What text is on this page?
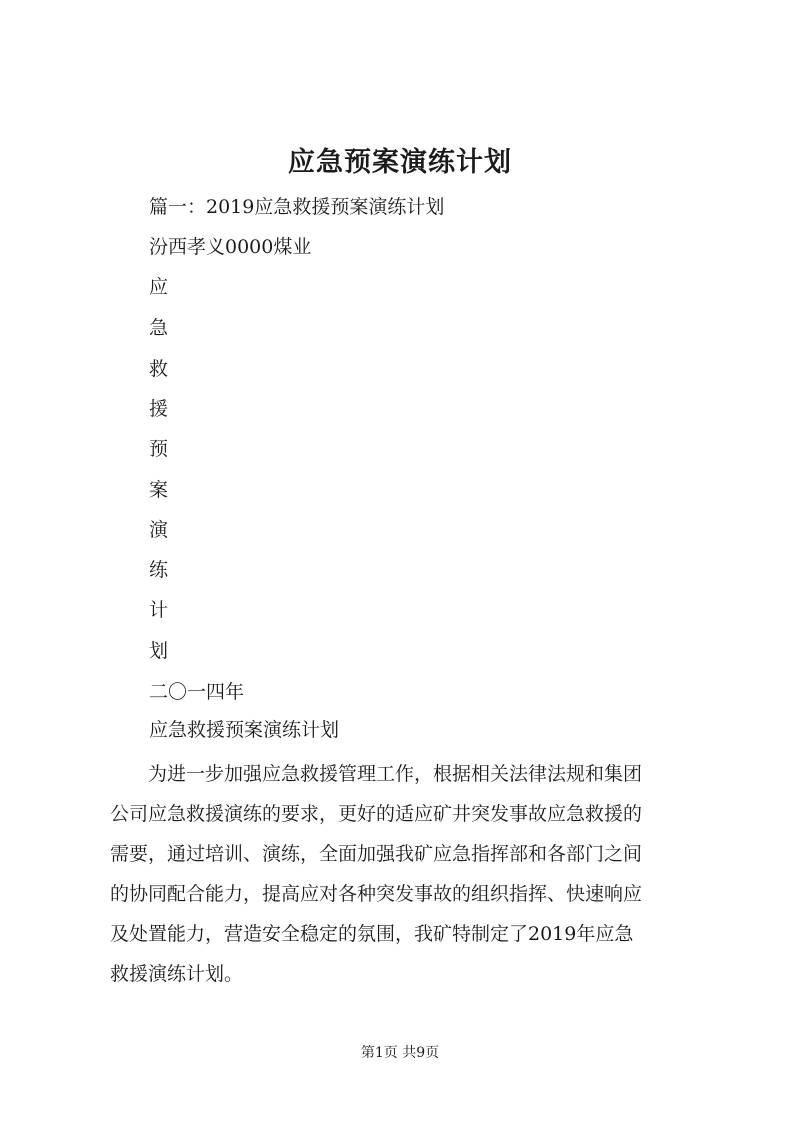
应急预案演练计划
篇一：2019应急救援预案演练计划
汾西孝义0000煤业
应
急
救
援
预
案
演
练
计
划
二〇一四年
应急救援预案演练计划
　　为进一步加强应急救援管理工作，根据相关法律法规和集团
公司应急救援演练的要求，更好的适应矿井突发事故应急救援的
需要，通过培训、演练，全面加强我矿应急指挥部和各部门之间
的协同配合能力，提高应对各种突发事故的组织指挥、快速响应
及处置能力，营造安全稳定的氛围，我矿特制定了2019年应急
救援演练计划。
第1页 共9页
